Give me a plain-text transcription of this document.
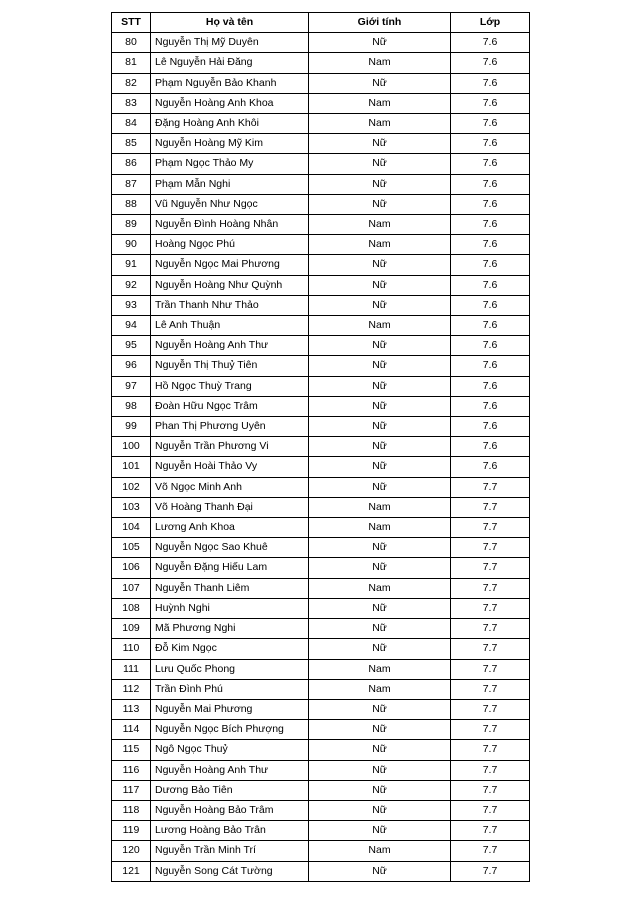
STT	Họ và tên	Giới tính	Lớp
80	Nguyễn Thị Mỹ Duyên	Nữ	7.6
81	Lê Nguyễn Hải Đăng	Nam	7.6
82	Phạm Nguyễn Bảo Khanh	Nữ	7.6
83	Nguyễn Hoàng Anh Khoa	Nam	7.6
84	Đặng Hoàng Anh Khôi	Nam	7.6
85	Nguyễn Hoàng Mỹ Kim	Nữ	7.6
86	Phạm Ngọc Thảo My	Nữ	7.6
87	Phạm Mẫn Nghi	Nữ	7.6
88	Vũ Nguyễn Như Ngọc	Nữ	7.6
89	Nguyễn Đình Hoàng Nhân	Nam	7.6
90	Hoàng Ngọc Phú	Nam	7.6
91	Nguyễn Ngọc Mai Phương	Nữ	7.6
92	Nguyễn Hoàng Như Quỳnh	Nữ	7.6
93	Trần Thanh Như Thảo	Nữ	7.6
94	Lê Anh Thuận	Nam	7.6
95	Nguyễn Hoàng Anh Thư	Nữ	7.6
96	Nguyễn Thị Thuỷ Tiên	Nữ	7.6
97	Hồ Ngọc Thuỳ Trang	Nữ	7.6
98	Đoàn Hữu Ngọc Trâm	Nữ	7.6
99	Phan Thị Phương Uyên	Nữ	7.6
100	Nguyễn Trần Phương Vi	Nữ	7.6
101	Nguyễn Hoài Thảo Vy	Nữ	7.6
102	Võ Ngọc Minh Anh	Nữ	7.7
103	Võ Hoàng Thanh Đại	Nam	7.7
104	Lương Anh Khoa	Nam	7.7
105	Nguyễn Ngọc Sao Khuê	Nữ	7.7
106	Nguyễn Đặng Hiếu Lam	Nữ	7.7
107	Nguyễn Thanh Liêm	Nam	7.7
108	Huỳnh Nghi	Nữ	7.7
109	Mã Phương Nghi	Nữ	7.7
110	Đỗ Kim Ngọc	Nữ	7.7
111	Lưu Quốc Phong	Nam	7.7
112	Trần Đình Phú	Nam	7.7
113	Nguyễn Mai Phương	Nữ	7.7
114	Nguyễn Ngọc Bích Phượng	Nữ	7.7
115	Ngô Ngọc Thuỷ	Nữ	7.7
116	Nguyễn Hoàng Anh Thư	Nữ	7.7
117	Dương Bảo Tiên	Nữ	7.7
118	Nguyễn Hoàng Bảo Trâm	Nữ	7.7
119	Lương Hoàng Bảo Trân	Nữ	7.7
120	Nguyễn Trần Minh Trí	Nam	7.7
121	Nguyễn Song Cát Tường	Nữ	7.7
